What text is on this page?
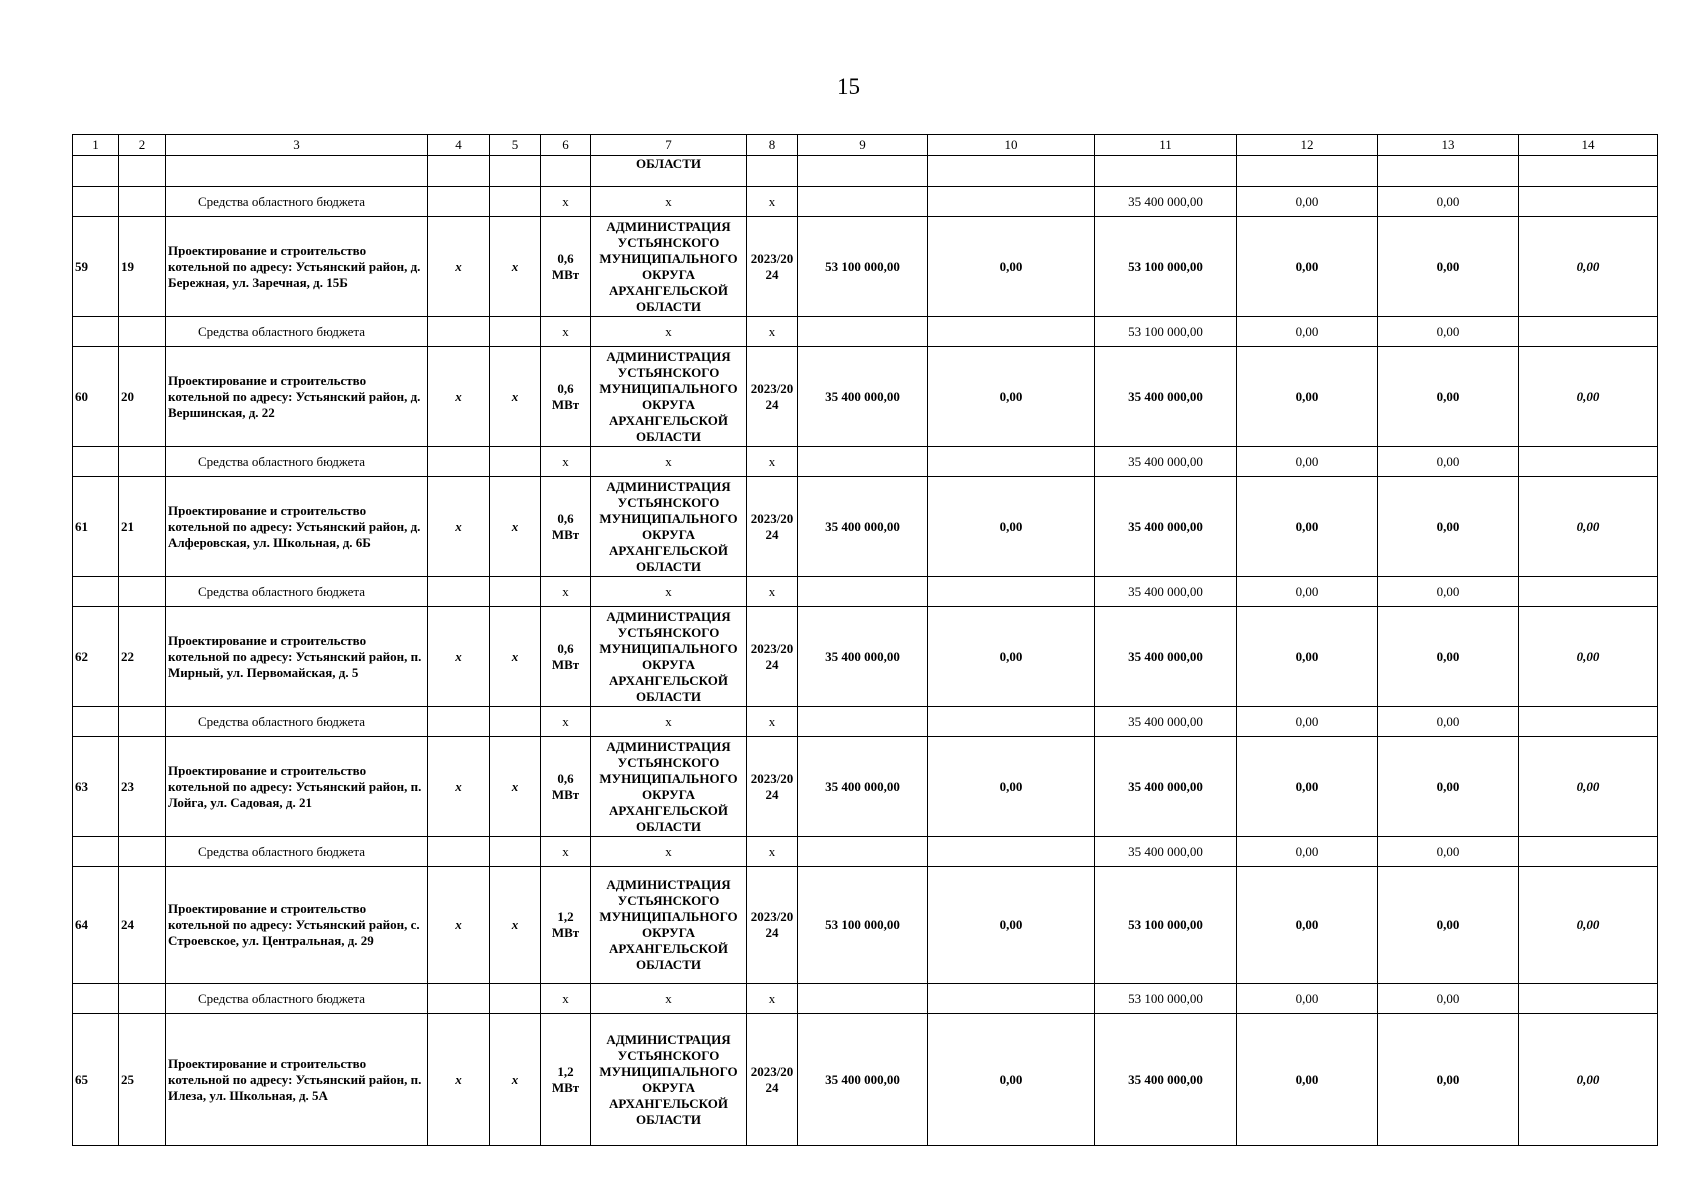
15
1	2	3	4	5	6	7	8	9	10	11	12	13	14
						ОБЛАСТИ							
		Средства областного бюджета			х	х	х			35 400 000,00	0,00	0,00	
59	19	Проектирование и строительство котельной по адресу: Устьянский район, д. Бережная, ул. Заречная, д. 15Б	х	х	0,6 МВт	АДМИНИСТРАЦИЯ УСТЬЯНСКОГО МУНИЦИПАЛЬНОГО ОКРУГА АРХАНГЕЛЬСКОЙ ОБЛАСТИ	2023/20 24	53 100 000,00	0,00	53 100 000,00	0,00	0,00	0,00
		Средства областного бюджета			х	х	х			53 100 000,00	0,00	0,00	
60	20	Проектирование и строительство котельной по адресу: Устьянский район, д. Вершинская, д. 22	х	х	0,6 МВт	АДМИНИСТРАЦИЯ УСТЬЯНСКОГО МУНИЦИПАЛЬНОГО ОКРУГА АРХАНГЕЛЬСКОЙ ОБЛАСТИ	2023/20 24	35 400 000,00	0,00	35 400 000,00	0,00	0,00	0,00
		Средства областного бюджета			х	х	х			35 400 000,00	0,00	0,00	
61	21	Проектирование и строительство котельной по адресу: Устьянский район, д. Алферовская, ул. Школьная, д. 6Б	х	х	0,6 МВт	АДМИНИСТРАЦИЯ УСТЬЯНСКОГО МУНИЦИПАЛЬНОГО ОКРУГА АРХАНГЕЛЬСКОЙ ОБЛАСТИ	2023/20 24	35 400 000,00	0,00	35 400 000,00	0,00	0,00	0,00
		Средства областного бюджета			х	х	х			35 400 000,00	0,00	0,00	
62	22	Проектирование и строительство котельной по адресу: Устьянский район, п. Мирный, ул. Первомайская, д. 5	х	х	0,6 МВт	АДМИНИСТРАЦИЯ УСТЬЯНСКОГО МУНИЦИПАЛЬНОГО ОКРУГА АРХАНГЕЛЬСКОЙ ОБЛАСТИ	2023/20 24	35 400 000,00	0,00	35 400 000,00	0,00	0,00	0,00
		Средства областного бюджета			х	х	х			35 400 000,00	0,00	0,00	
63	23	Проектирование и строительство котельной по адресу: Устьянский район, п. Лойга, ул. Садовая, д. 21	х	х	0,6 МВт	АДМИНИСТРАЦИЯ УСТЬЯНСКОГО МУНИЦИПАЛЬНОГО ОКРУГА АРХАНГЕЛЬСКОЙ ОБЛАСТИ	2023/20 24	35 400 000,00	0,00	35 400 000,00	0,00	0,00	0,00
		Средства областного бюджета			х	х	х			35 400 000,00	0,00	0,00	
64	24	Проектирование и строительство котельной по адресу: Устьянский район, с. Строевское, ул. Центральная, д. 29	х	х	1,2 МВт	АДМИНИСТРАЦИЯ УСТЬЯНСКОГО МУНИЦИПАЛЬНОГО ОКРУГА АРХАНГЕЛЬСКОЙ ОБЛАСТИ	2023/20 24	53 100 000,00	0,00	53 100 000,00	0,00	0,00	0,00
		Средства областного бюджета			х	х	х			53 100 000,00	0,00	0,00	
65	25	Проектирование и строительство котельной по адресу: Устьянский район, п. Илеза, ул. Школьная, д. 5А	х	х	1,2 МВт	АДМИНИСТРАЦИЯ УСТЬЯНСКОГО МУНИЦИПАЛЬНОГО ОКРУГА АРХАНГЕЛЬСКОЙ ОБЛАСТИ	2023/20 24	35 400 000,00	0,00	35 400 000,00	0,00	0,00	0,00
